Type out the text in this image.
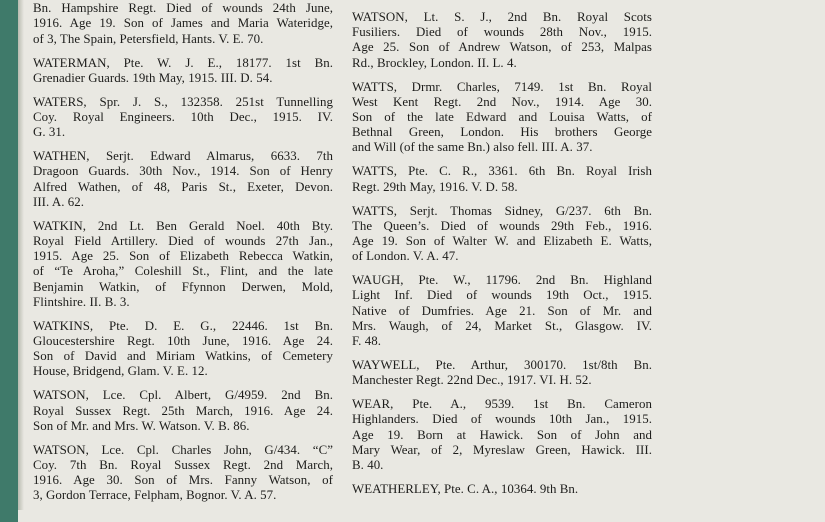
Bn. Hampshire Regt. Died of wounds 24th June,
1916. Age 19. Son of James and Maria Wateridge,
of 3, The Spain, Petersfield, Hants. V. E. 70.
WATERMAN, Pte. W. J. E., 18177. 1st Bn.
Grenadier Guards. 19th May, 1915. III. D. 54.
WATERS, Spr. J. S., 132358. 251st Tunnelling
Coy. Royal Engineers. 10th Dec., 1915. IV.
G. 31.
WATHEN, Serjt. Edward Almarus, 6633. 7th
Dragoon Guards. 30th Nov., 1914. Son of Henry
Alfred Wathen, of 48, Paris St., Exeter, Devon.
III. A. 62.
WATKIN, 2nd Lt. Ben Gerald Noel. 40th Bty.
Royal Field Artillery. Died of wounds 27th Jan.,
1915. Age 25. Son of Elizabeth Rebecca Watkin,
of “Te Aroha,” Coleshill St., Flint, and the late
Benjamin Watkin, of Ffynnon Derwen, Mold,
Flintshire. II. B. 3.
WATKINS, Pte. D. E. G., 22446. 1st Bn.
Gloucestershire Regt. 10th June, 1916. Age 24.
Son of David and Miriam Watkins, of Cemetery
House, Bridgend, Glam. V. E. 12.
WATSON, Lce. Cpl. Albert, G/4959. 2nd Bn.
Royal Sussex Regt. 25th March, 1916. Age 24.
Son of Mr. and Mrs. W. Watson. V. B. 86.
WATSON, Lce. Cpl. Charles John, G/434. “C”
Coy. 7th Bn. Royal Sussex Regt. 2nd March,
1916. Age 30. Son of Mrs. Fanny Watson, of
3, Gordon Terrace, Felpham, Bognor. V. A. 57.
WATSON, Lt. S. J., 2nd Bn. Royal Scots
Fusiliers. Died of wounds 28th Nov., 1915.
Age 25. Son of Andrew Watson, of 253, Malpas
Rd., Brockley, London. II. L. 4.
WATTS, Drmr. Charles, 7149. 1st Bn. Royal
West Kent Regt. 2nd Nov., 1914. Age 30.
Son of the late Edward and Louisa Watts, of
Bethnal Green, London. His brothers George
and Will (of the same Bn.) also fell. III. A. 37.
WATTS, Pte. C. R., 3361. 6th Bn. Royal Irish
Regt. 29th May, 1916. V. D. 58.
WATTS, Serjt. Thomas Sidney, G/237. 6th Bn.
The Queen’s. Died of wounds 29th Feb., 1916.
Age 19. Son of Walter W. and Elizabeth E. Watts,
of London. V. A. 47.
WAUGH, Pte. W., 11796. 2nd Bn. Highland
Light Inf. Died of wounds 19th Oct., 1915.
Native of Dumfries. Age 21. Son of Mr. and
Mrs. Waugh, of 24, Market St., Glasgow. IV.
F. 48.
WAYWELL, Pte. Arthur, 300170. 1st/8th Bn.
Manchester Regt. 22nd Dec., 1917. VI. H. 52.
WEAR, Pte. A., 9539. 1st Bn. Cameron
Highlanders. Died of wounds 10th Jan., 1915.
Age 19. Born at Hawick. Son of John and
Mary Wear, of 2, Myreslaw Green, Hawick. III.
B. 40.
WEATHERLEY, Pte. C. A., 10364. 9th Bn.
